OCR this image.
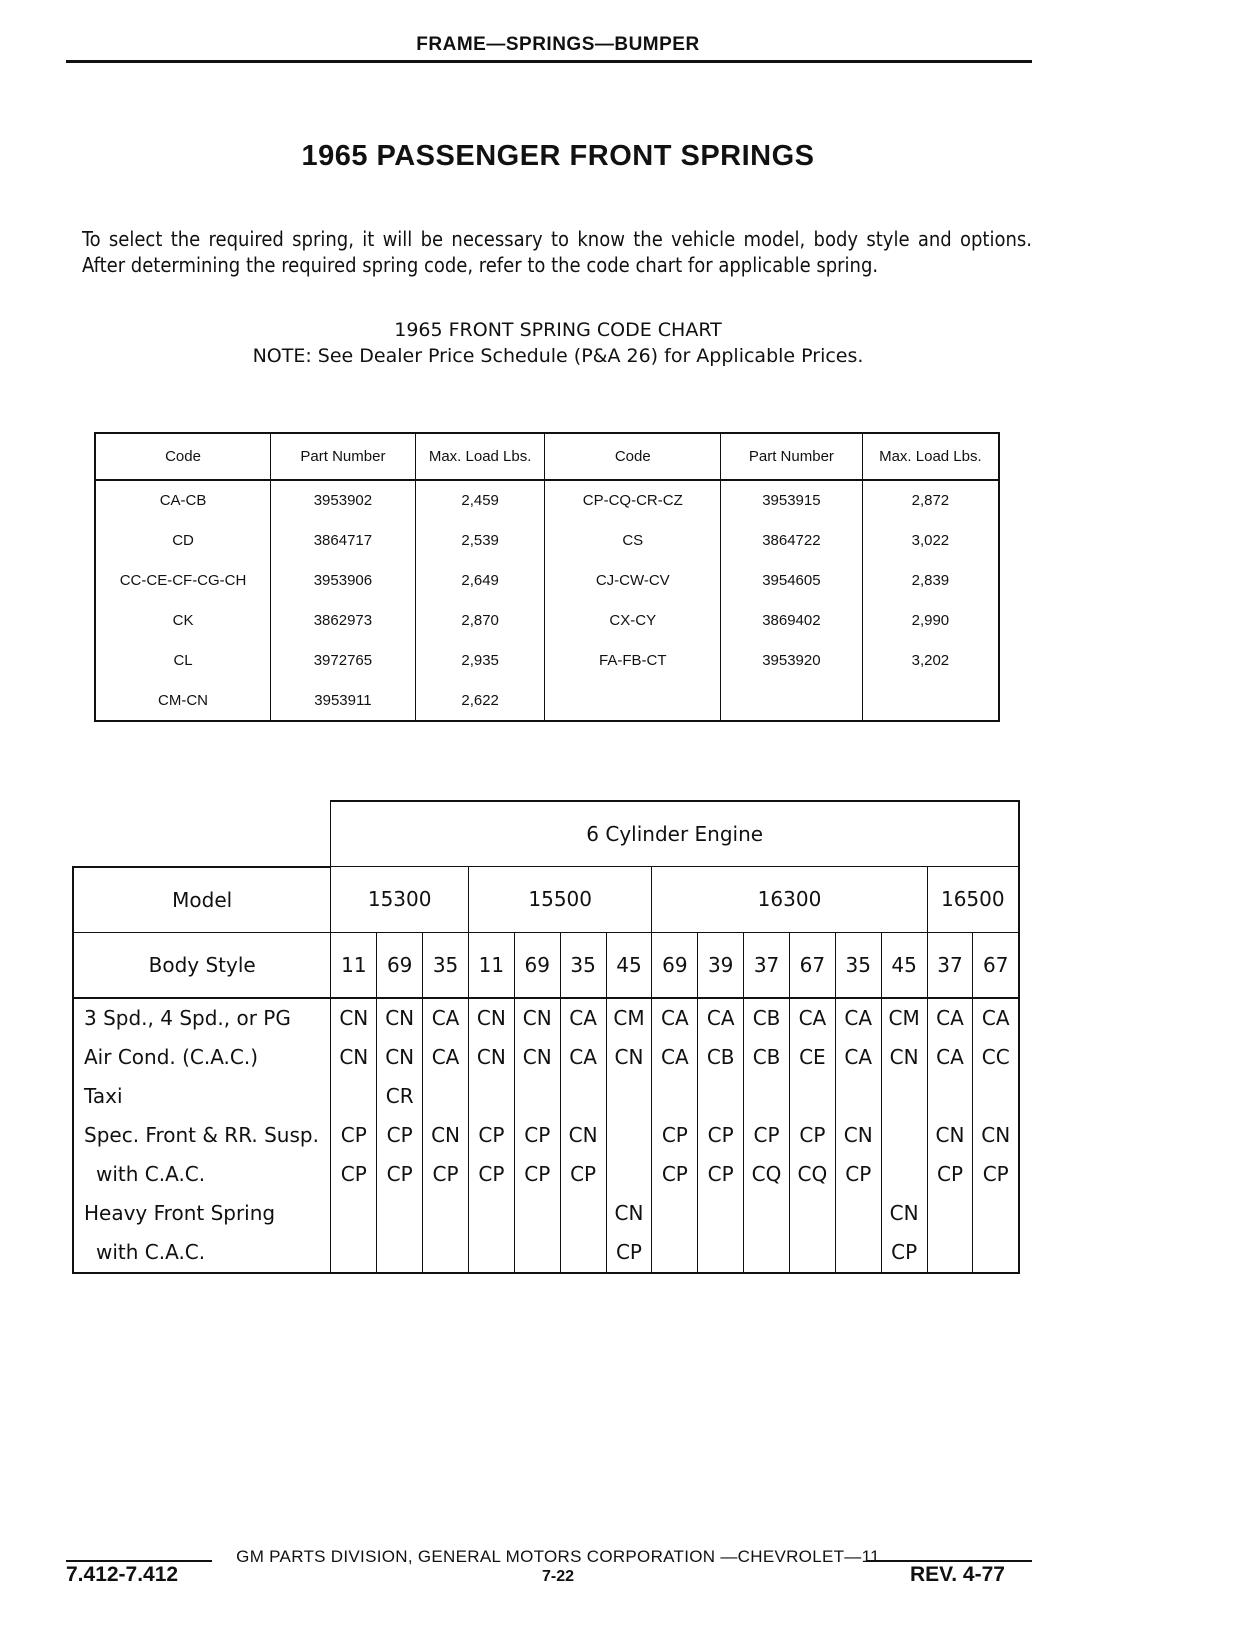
FRAME—SPRINGS—BUMPER
1965 PASSENGER FRONT SPRINGS
To select the required spring, it will be necessary to know the vehicle model, body style and options. After determining the required spring code, refer to the code chart for applicable spring.
1965 FRONT SPRING CODE CHART
NOTE: See Dealer Price Schedule (P&A 26) for Applicable Prices.
Code	Part Number	Max. Load Lbs.	Code	Part Number	Max. Load Lbs.
CA-CB	3953902	2,459	CP-CQ-CR-CZ	3953915	2,872
CD	3864717	2,539	CS	3864722	3,022
CC-CE-CF-CG-CH	3953906	2,649	CJ-CW-CV	3954605	2,839
CK	3862973	2,870	CX-CY	3869402	2,990
CL	3972765	2,935	FA-FB-CT	3953920	3,202
CM-CN	3953911	2,622			
	6 Cylinder Engine														
Model	15300			15500				16300						16500	
Body Style	11	69	35	11	69	35	45	69	39	37	67	35	45	37	67
3 Spd., 4 Spd., or PG	CN	CN	CA	CN	CN	CA	CM	CA	CA	CB	CA	CA	CM	CA	CA
Air Cond. (C.A.C.)	CN	CN	CA	CN	CN	CA	CN	CA	CB	CB	CE	CA	CN	CA	CC
Taxi		CR													
Spec. Front & RR. Susp.	CP	CP	CN	CP	CP	CN		CP	CP	CP	CP	CN		CN	CN
with C.A.C.	CP	CP	CP	CP	CP	CP		CP	CP	CQ	CQ	CP		CP	CP
Heavy Front Spring							CN						CN		
with C.A.C.							CP						CP		
GM PARTS DIVISION, GENERAL MOTORS CORPORATION —CHEVROLET—11
7-22
7.412-7.412	REV. 4-77
